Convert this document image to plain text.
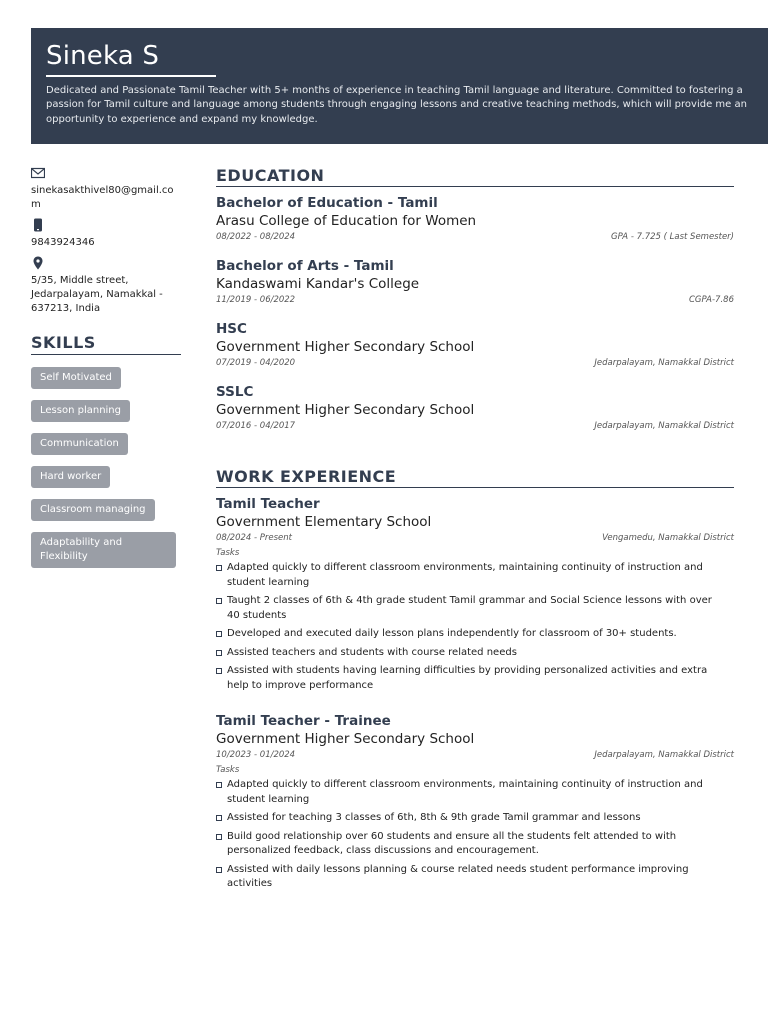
Sineka S
Dedicated and Passionate Tamil Teacher with 5+ months of experience in teaching Tamil language and literature. Committed to fostering a passion for Tamil culture and language among students through engaging lessons and creative teaching methods, which will provide me an opportunity to experience and expand my knowledge.
sinekasakthivel80@gmail.com
9843924346
5/35, Middle street, Jedarpalayam, Namakkal - 637213, India
SKILLS
Self Motivated
Lesson planning
Communication
Hard worker
Classroom managing
Adaptability and Flexibility
EDUCATION
Bachelor of Education - Tamil
Arasu College of Education for Women
08/2022 - 08/2024	GPA - 7.725 ( Last Semester)
Bachelor of Arts - Tamil
Kandaswami Kandar's College
11/2019 - 06/2022	CGPA-7.86
HSC
Government Higher Secondary School
07/2019 - 04/2020	Jedarpalayam, Namakkal District
SSLC
Government Higher Secondary School
07/2016 - 04/2017	Jedarpalayam, Namakkal District
WORK EXPERIENCE
Tamil Teacher
Government Elementary School
08/2024 - Present	Vengamedu, Namakkal District
Tasks
Adapted quickly to different classroom environments, maintaining continuity of instruction and student learning
Taught 2 classes of 6th & 4th grade student Tamil grammar and Social Science lessons with over 40 students
Developed and executed daily lesson plans independently for classroom of 30+ students.
Assisted teachers and students with course related needs
Assisted with students having learning difficulties by providing personalized activities and extra help to improve performance
Tamil Teacher - Trainee
Government Higher Secondary School
10/2023 - 01/2024	Jedarpalayam, Namakkal District
Tasks
Adapted quickly to different classroom environments, maintaining continuity of instruction and student learning
Assisted for teaching 3 classes of 6th, 8th & 9th grade Tamil grammar and lessons
Build good relationship over 60 students and ensure all the students felt attended to with personalized feedback, class discussions and encouragement.
Assisted with daily lessons planning & course related needs student performance improving activities
